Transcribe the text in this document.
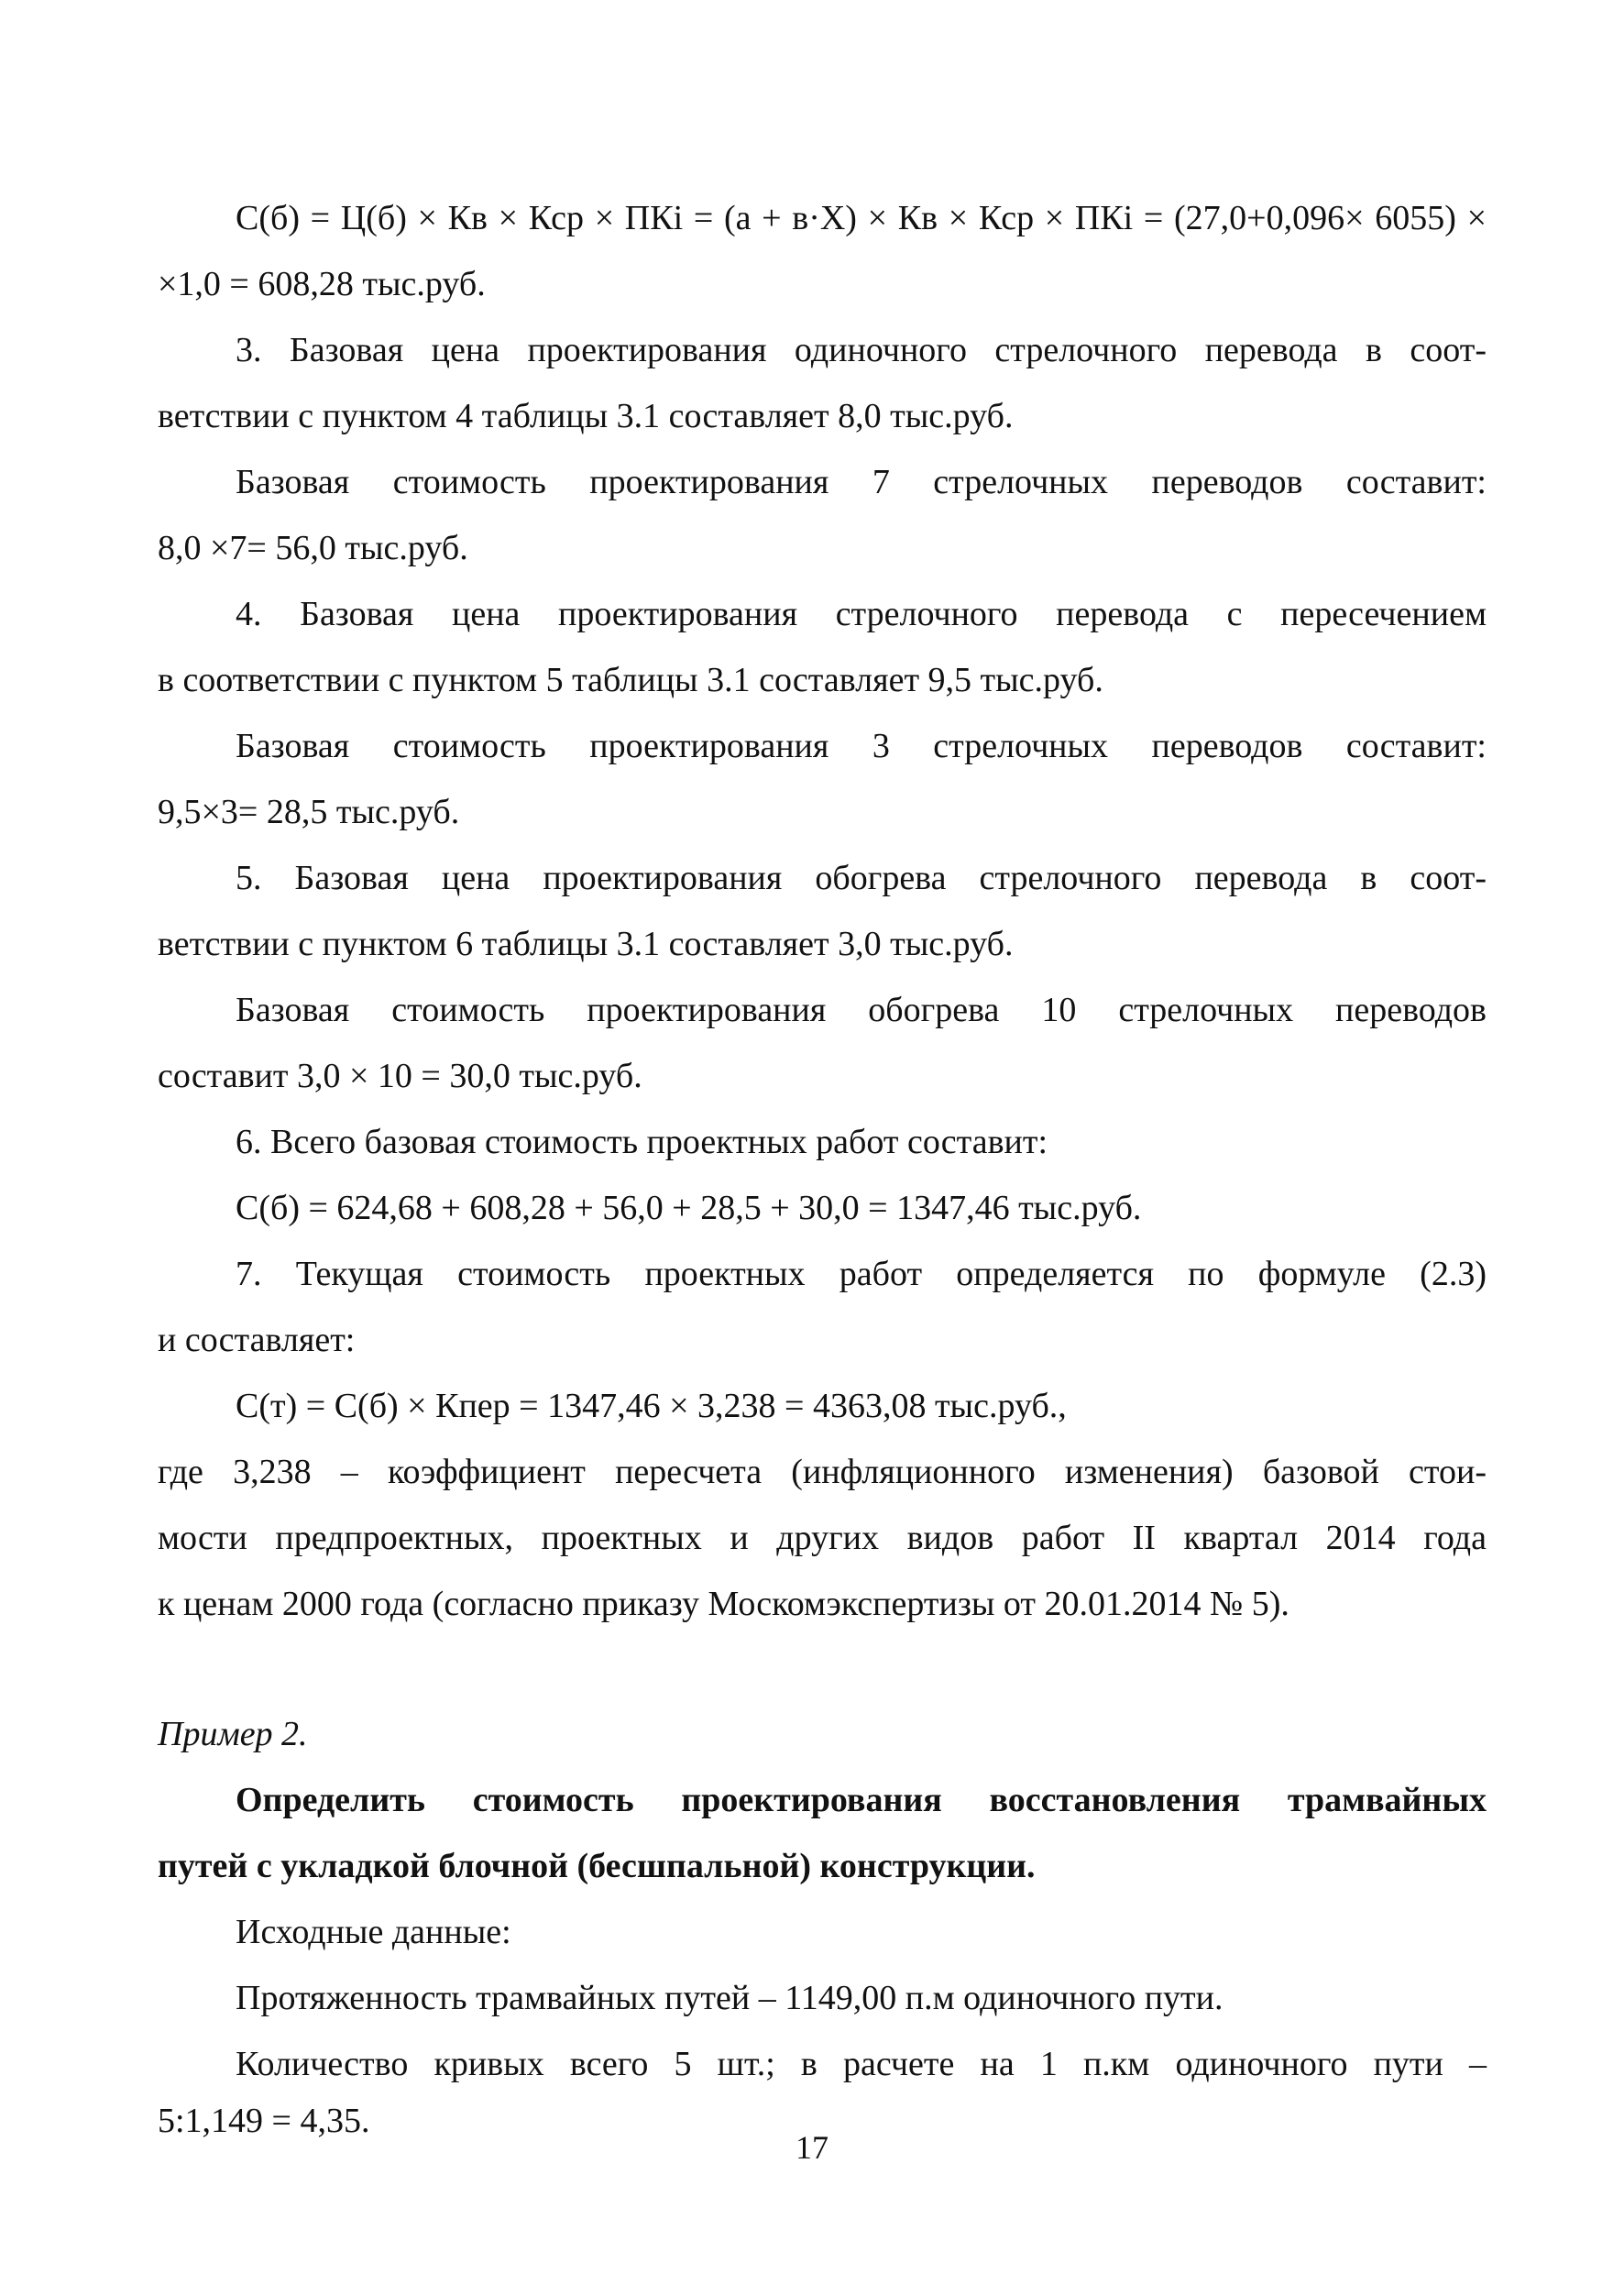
С(б) = Ц(б) × Кв × Кср × ПКi = (а + в·Х) × Кв × Кср × ПКi = (27,0+0,096× 6055) ×
×1,0 = 608,28 тыс.руб.
3. Базовая цена проектирования одиночного стрелочного перевода в соот-
ветствии с пунктом 4 таблицы 3.1 составляет 8,0 тыс.руб.
Базовая стоимость проектирования 7 стрелочных переводов составит:
8,0 ×7= 56,0 тыс.руб.
4. Базовая цена проектирования стрелочного перевода с пересечением
в соответствии с пунктом 5 таблицы 3.1 составляет 9,5 тыс.руб.
Базовая стоимость проектирования 3 стрелочных переводов составит:
9,5×3= 28,5 тыс.руб.
5. Базовая цена проектирования обогрева стрелочного перевода в соот-
ветствии с пунктом 6 таблицы 3.1 составляет 3,0 тыс.руб.
Базовая стоимость проектирования обогрева 10 стрелочных переводов
составит 3,0 × 10 = 30,0 тыс.руб.
6. Всего базовая стоимость проектных работ составит:
С(б) = 624,68 + 608,28 + 56,0 + 28,5 + 30,0 = 1347,46 тыс.руб.
7. Текущая стоимость проектных работ определяется по формуле (2.3)
и составляет:
С(т) = С(б) × Кпер = 1347,46 × 3,238 = 4363,08 тыс.руб.,
где 3,238 – коэффициент пересчета (инфляционного изменения) базовой стои-
мости предпроектных, проектных и других видов работ II квартал 2014 года
к ценам 2000 года (согласно приказу Москомэкспертизы от 20.01.2014 № 5).
Пример 2.
Определить стоимость проектирования восстановления трамвайных
путей с укладкой блочной (бесшпальной) конструкции.
Исходные данные:
Протяженность трамвайных путей – 1149,00 п.м одиночного пути.
Количество кривых всего 5 шт.; в расчете на 1 п.км одиночного пути –
5:1,149 = 4,35.
17
